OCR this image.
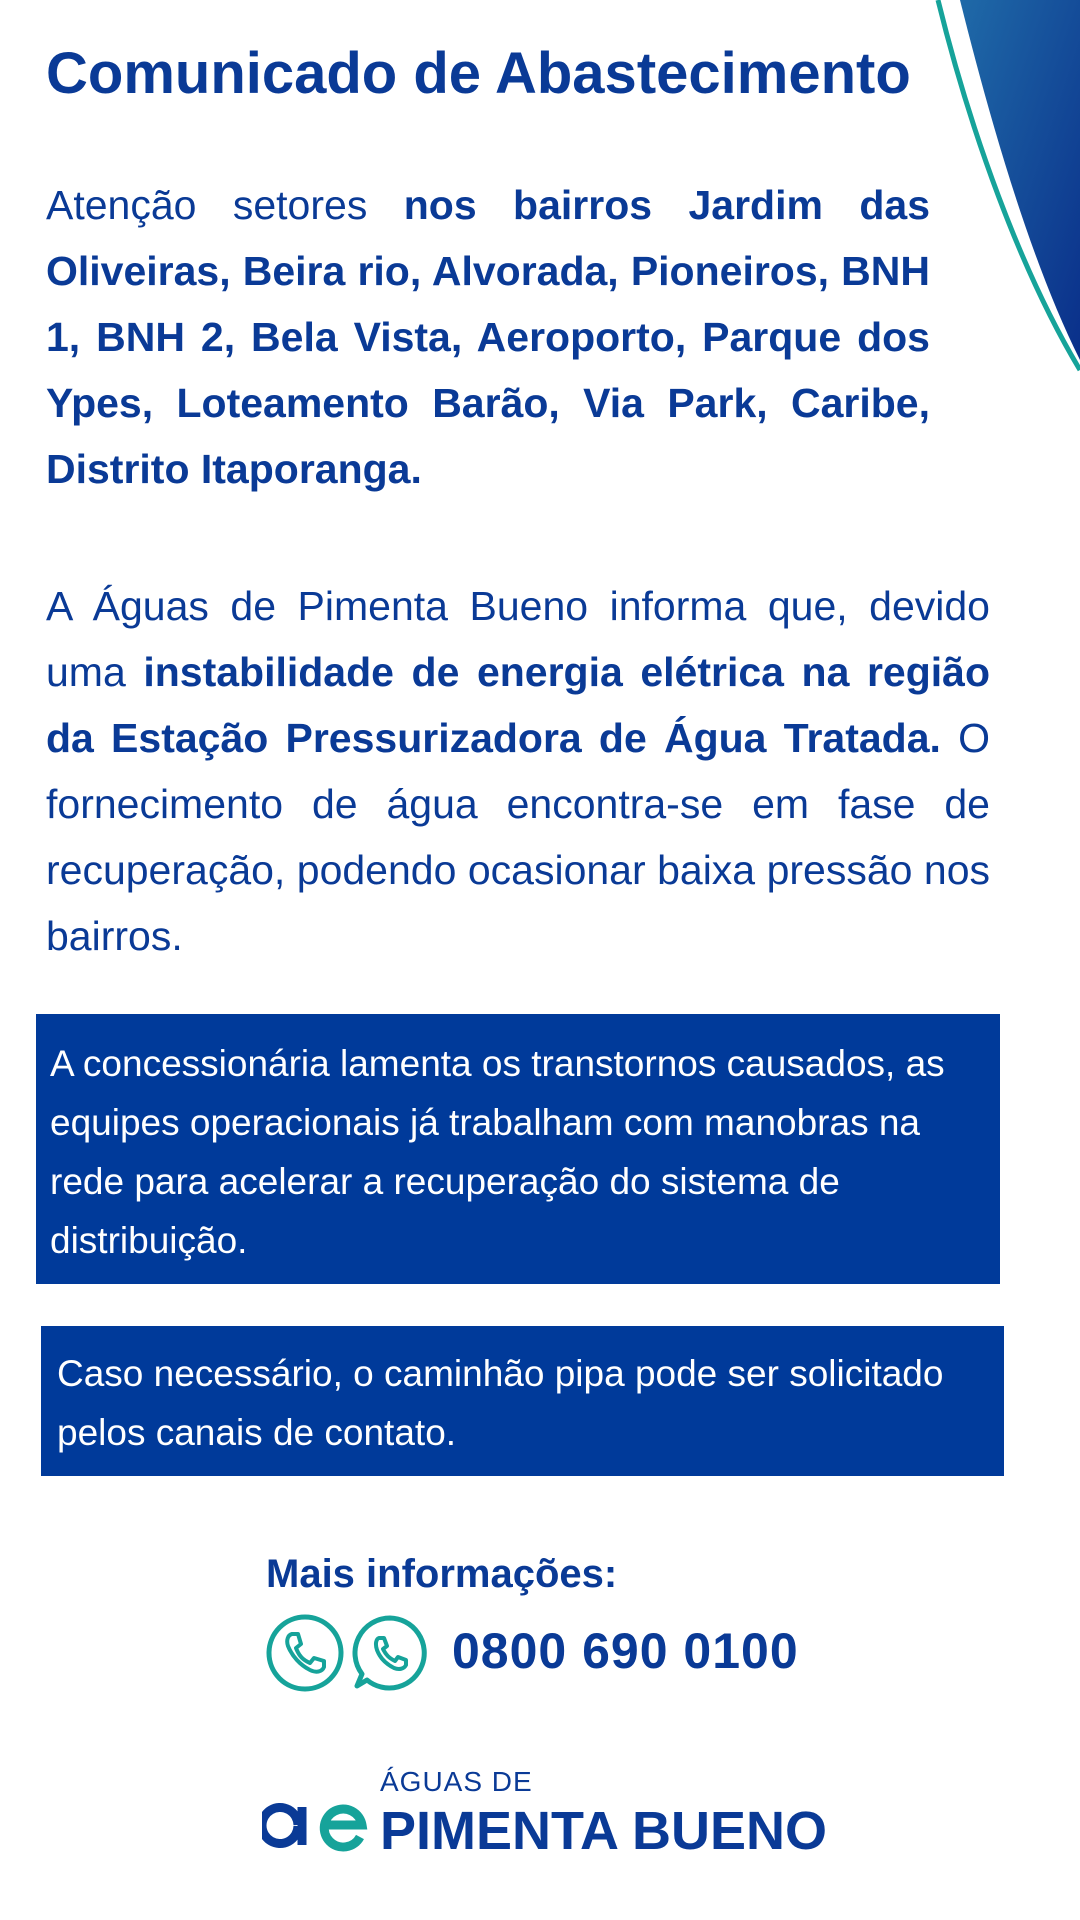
Comunicado de Abastecimento

Atenção setores nos bairros Jardim das Oliveiras, Beira rio, Alvorada, Pioneiros, BNH 1, BNH 2, Bela Vista, Aeroporto, Parque dos Ypes, Loteamento Barão, Via Park, Caribe, Distrito Itaporanga.

A Águas de Pimenta Bueno informa que, devido uma instabilidade de energia elétrica na região da Estação Pressurizadora de Água Tratada. O fornecimento de água encontra-se em fase de recuperação, podendo ocasionar baixa pressão nos bairros.

A concessionária lamenta os transtornos causados, as equipes operacionais já trabalham com manobras na rede para acelerar a recuperação do sistema de distribuição.
Caso necessário, o caminhão pipa pode ser solicitado pelos canais de contato.
Mais informações:
0800 690 0100
ÁGUAS DE
PIMENTA BUENO
